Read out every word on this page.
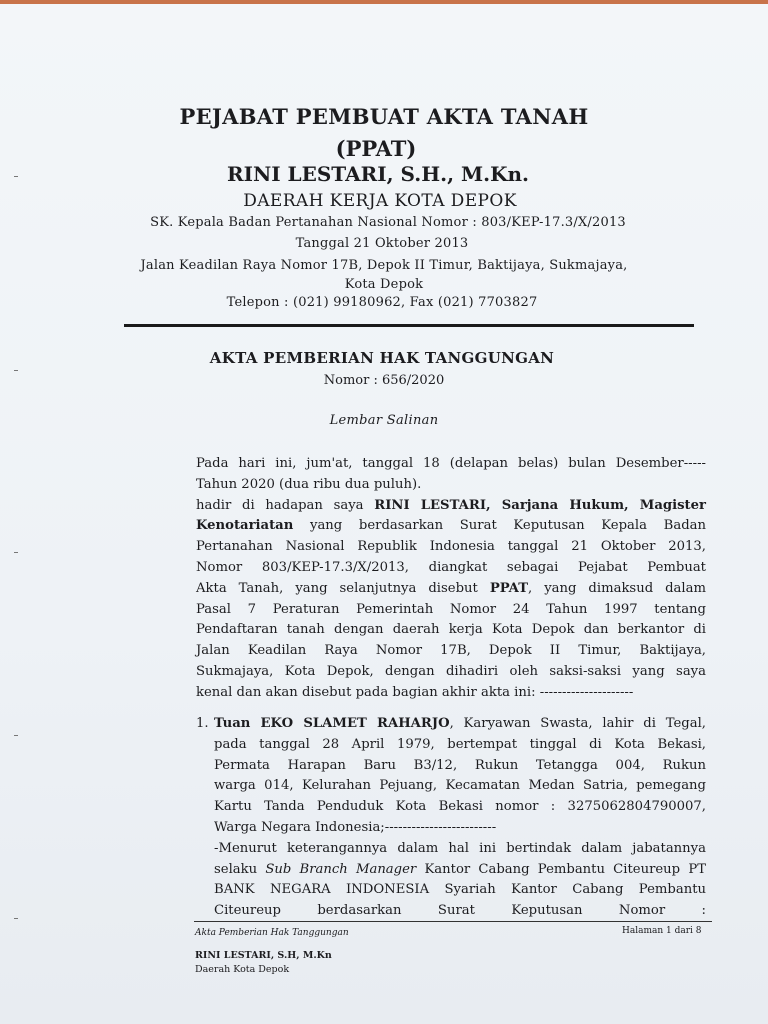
PEJABAT PEMBUAT AKTA TANAH
(PPAT)
RINI LESTARI, S.H., M.Kn.
DAERAH KERJA KOTA DEPOK
SK. Kepala Badan Pertanahan Nasional Nomor : 803/KEP-17.3/X/2013
Tanggal 21 Oktober 2013
Jalan Keadilan Raya Nomor 17B, Depok II Timur, Baktijaya, Sukmajaya,
Kota Depok
Telepon : (021) 99180962, Fax (021) 7703827
AKTA PEMBERIAN HAK TANGGUNGAN
Nomor : 656/2020
Lembar Salinan
Pada hari ini, jum'at, tanggal 18 (delapan belas) bulan Desember-----
Tahun 2020 (dua ribu dua puluh).
hadir di hadapan saya RINI LESTARI, Sarjana Hukum, Magister
Kenotariatan yang berdasarkan Surat Keputusan Kepala Badan
Pertanahan Nasional Republik Indonesia tanggal 21 Oktober 2013,
Nomor 803/KEP-17.3/X/2013, diangkat sebagai Pejabat Pembuat
Akta Tanah, yang selanjutnya disebut PPAT, yang dimaksud dalam
Pasal 7 Peraturan Pemerintah Nomor 24 Tahun 1997 tentang
Pendaftaran tanah dengan daerah kerja Kota Depok dan berkantor di
Jalan Keadilan Raya Nomor 17B, Depok II Timur, Baktijaya,
Sukmajaya, Kota Depok, dengan dihadiri oleh saksi-saksi yang saya
kenal dan akan disebut pada bagian akhir akta ini: ---------------------
1. Tuan EKO SLAMET RAHARJO, Karyawan Swasta, lahir di Tegal,
pada tanggal 28 April 1979, bertempat tinggal di Kota Bekasi,
Permata Harapan Baru B3/12, Rukun Tetangga 004, Rukun
warga 014, Kelurahan Pejuang, Kecamatan Medan Satria, pemegang
Kartu Tanda Penduduk Kota Bekasi nomor : 3275062804790007,
Warga Negara Indonesia;-------------------------
-Menurut keterangannya dalam hal ini bertindak dalam jabatannya
selaku Sub Branch Manager Kantor Cabang Pembantu Citeureup PT
BANK NEGARA INDONESIA Syariah Kantor Cabang Pembantu
Citeureup berdasarkan Surat Keputusan Nomor :
Akta Pemberian Hak Tanggungan	Halaman 1 dari 8
RINI LESTARI, S.H, M.Kn
Daerah Kota Depok
